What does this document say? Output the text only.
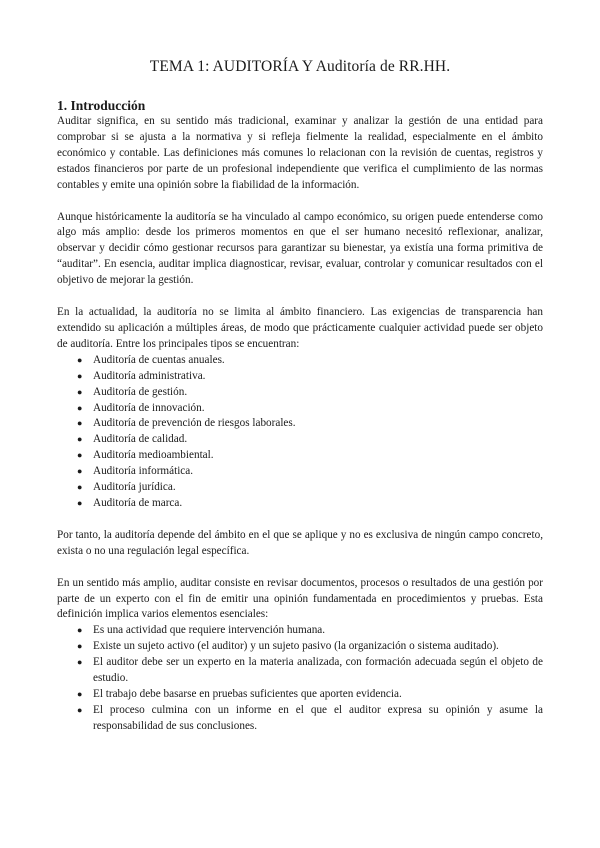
TEMA 1: AUDITORÍA Y Auditoría de RR.HH.
1. Introducción

Auditar significa, en su sentido más tradicional, examinar y analizar la gestión de una entidad para comprobar si se ajusta a la normativa y si refleja fielmente la realidad, especialmente en el ámbito económico y contable. Las definiciones más comunes lo relacionan con la revisión de cuentas, registros y estados financieros por parte de un profesional independiente que verifica el cumplimiento de las normas contables y emite una opinión sobre la fiabilidad de la información.

Aunque históricamente la auditoría se ha vinculado al campo económico, su origen puede entenderse como algo más amplio: desde los primeros momentos en que el ser humano necesitó reflexionar, analizar, observar y decidir cómo gestionar recursos para garantizar su bienestar, ya existía una forma primitiva de “auditar”. En esencia, auditar implica diagnosticar, revisar, evaluar, controlar y comunicar resultados con el objetivo de mejorar la gestión.

En la actualidad, la auditoría no se limita al ámbito financiero. Las exigencias de transparencia han extendido su aplicación a múltiples áreas, de modo que prácticamente cualquier actividad puede ser objeto de auditoría. Entre los principales tipos se encuentran:

● Auditoría de cuentas anuales.
● Auditoría administrativa.
● Auditoría de gestión.
● Auditoría de innovación.
● Auditoría de prevención de riesgos laborales.
● Auditoría de calidad.
● Auditoría medioambiental.
● Auditoría informática.
● Auditoría jurídica.
● Auditoría de marca.

Por tanto, la auditoría depende del ámbito en el que se aplique y no es exclusiva de ningún campo concreto, exista o no una regulación legal específica.

En un sentido más amplio, auditar consiste en revisar documentos, procesos o resultados de una gestión por parte de un experto con el fin de emitir una opinión fundamentada en procedimientos y pruebas. Esta definición implica varios elementos esenciales:

● Es una actividad que requiere intervención humana.
● Existe un sujeto activo (el auditor) y un sujeto pasivo (la organización o sistema auditado).
● El auditor debe ser un experto en la materia analizada, con formación adecuada según el objeto de estudio.
● El trabajo debe basarse en pruebas suficientes que aporten evidencia.
● El proceso culmina con un informe en el que el auditor expresa su opinión y asume la responsabilidad de sus conclusiones.
